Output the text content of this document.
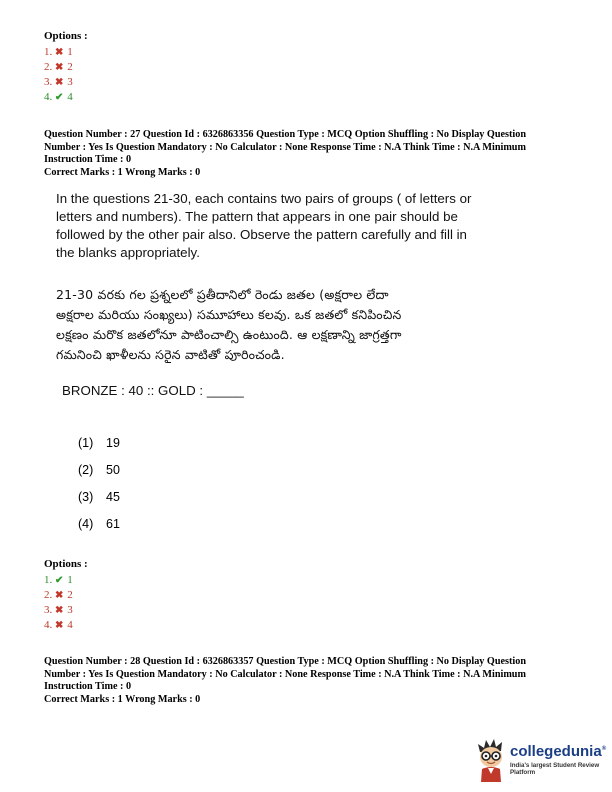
Options :
1. ✖ 1
2. ✖ 2
3. ✖ 3
4. ✔ 4
Question Number : 27 Question Id : 6326863356 Question Type : MCQ Option Shuffling : No Display Question
Number : Yes Is Question Mandatory : No Calculator : None Response Time : N.A Think Time : N.A Minimum
Instruction Time : 0
Correct Marks : 1 Wrong Marks : 0
In the questions 21-30, each contains two pairs of groups ( of letters or
letters and numbers). The pattern that appears in one pair should be
followed by the other pair also. Observe the pattern carefully and fill in
the blanks appropriately.
21-30 వరకు గల ప్రశ్నలలో ప్రతీదానిలో రెండు జతల (అక్షరాల లేదా
అక్షరాల మరియు సంఖ్యలు) సమూహాలు కలవు. ఒక జతలో కనిపించిన
లక్షణం మరొక జతలోనూ పాటించాల్సి ఉంటుంది. ఆ లక్షణాన్ని జాగ్రత్తగా
గమనించి ఖాళీలను సరైన వాటితో పూరించండి.
BRONZE : 40 :: GOLD : _____
(1) 19
(2) 50
(3) 45
(4) 61
Options :
1. ✔ 1
2. ✖ 2
3. ✖ 3
4. ✖ 4
Question Number : 28 Question Id : 6326863357 Question Type : MCQ Option Shuffling : No Display Question
Number : Yes Is Question Mandatory : No Calculator : None Response Time : N.A Think Time : N.A Minimum
Instruction Time : 0
Correct Marks : 1 Wrong Marks : 0
collegedunia®
India's largest Student Review Platform
